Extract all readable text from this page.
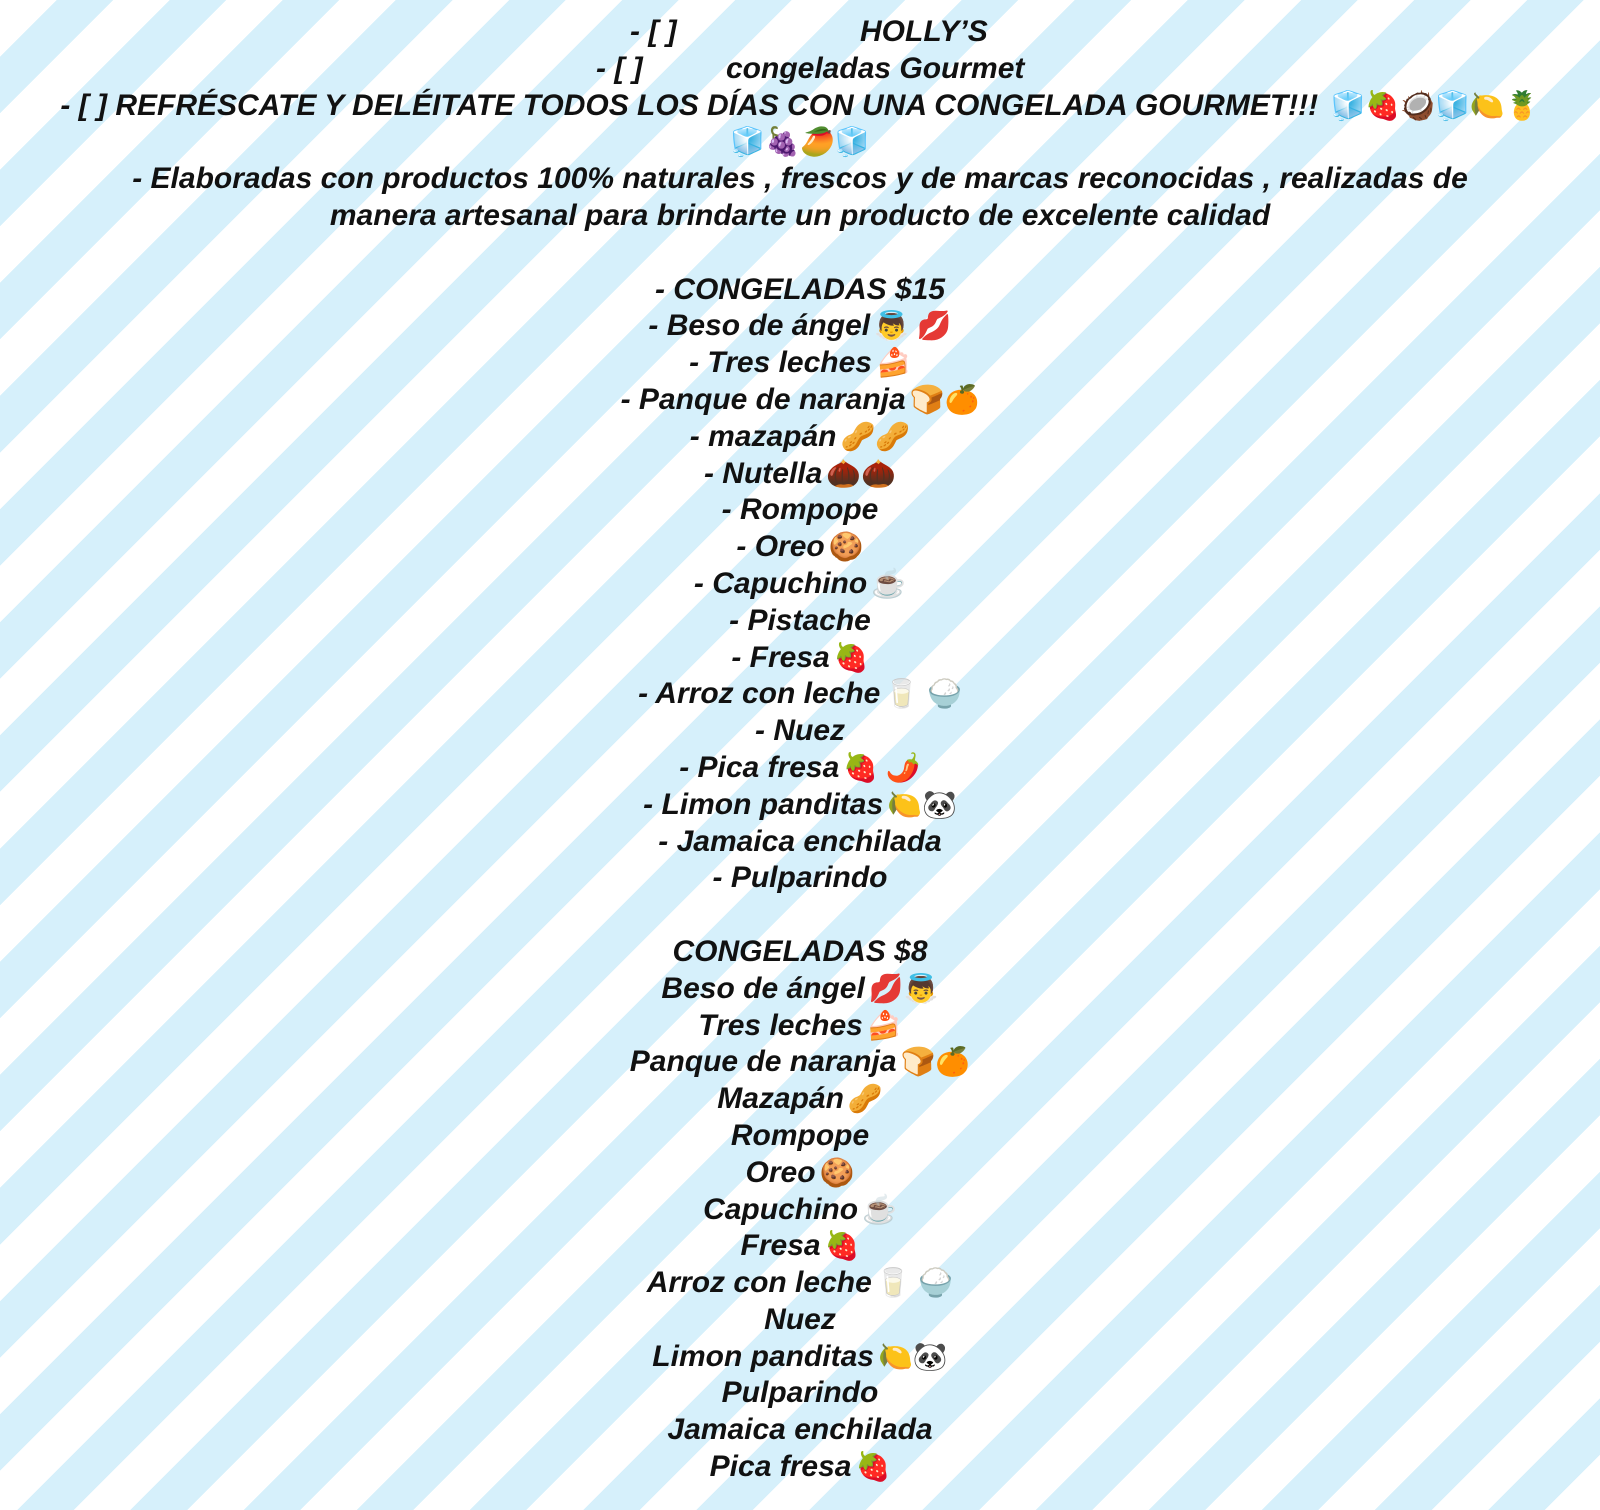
- [ ]	HOLLY’S
- [ ]	congeladas Gourmet
- [ ] REFRÉSCATE Y DELÉITATE TODOS LOS DÍAS CON UNA CONGELADA GOURMET!!! 🧊🍓🥥🧊🍋🍍🧊🍇🥭🧊
- Elaboradas con productos 100% naturales , frescos y de marcas reconocidas , realizadas de manera artesanal para brindarte un producto de excelente calidad
- CONGELADAS $15
- Beso de ángel 👼 💋
- Tres leches 🍰
- Panque de naranja 🍞🍊
- mazapán 🥜🥜
- Nutella 🌰🌰
- Rompope
- Oreo 🍪
- Capuchino ☕
- Pistache
- Fresa 🍓
- Arroz con leche 🥛 🍚
- Nuez
- Pica fresa 🍓 🌶️
- Limon panditas 🍋🐼
- Jamaica enchilada
- Pulparindo
CONGELADAS $8
Beso de ángel 💋👼
Tres leches 🍰
Panque de naranja 🍞🍊
Mazapán 🥜
Rompope
Oreo 🍪
Capuchino ☕
Fresa 🍓
Arroz con leche 🥛 🍚
Nuez
Limon panditas 🍋🐼
Pulparindo
Jamaica enchilada
Pica fresa 🍓
